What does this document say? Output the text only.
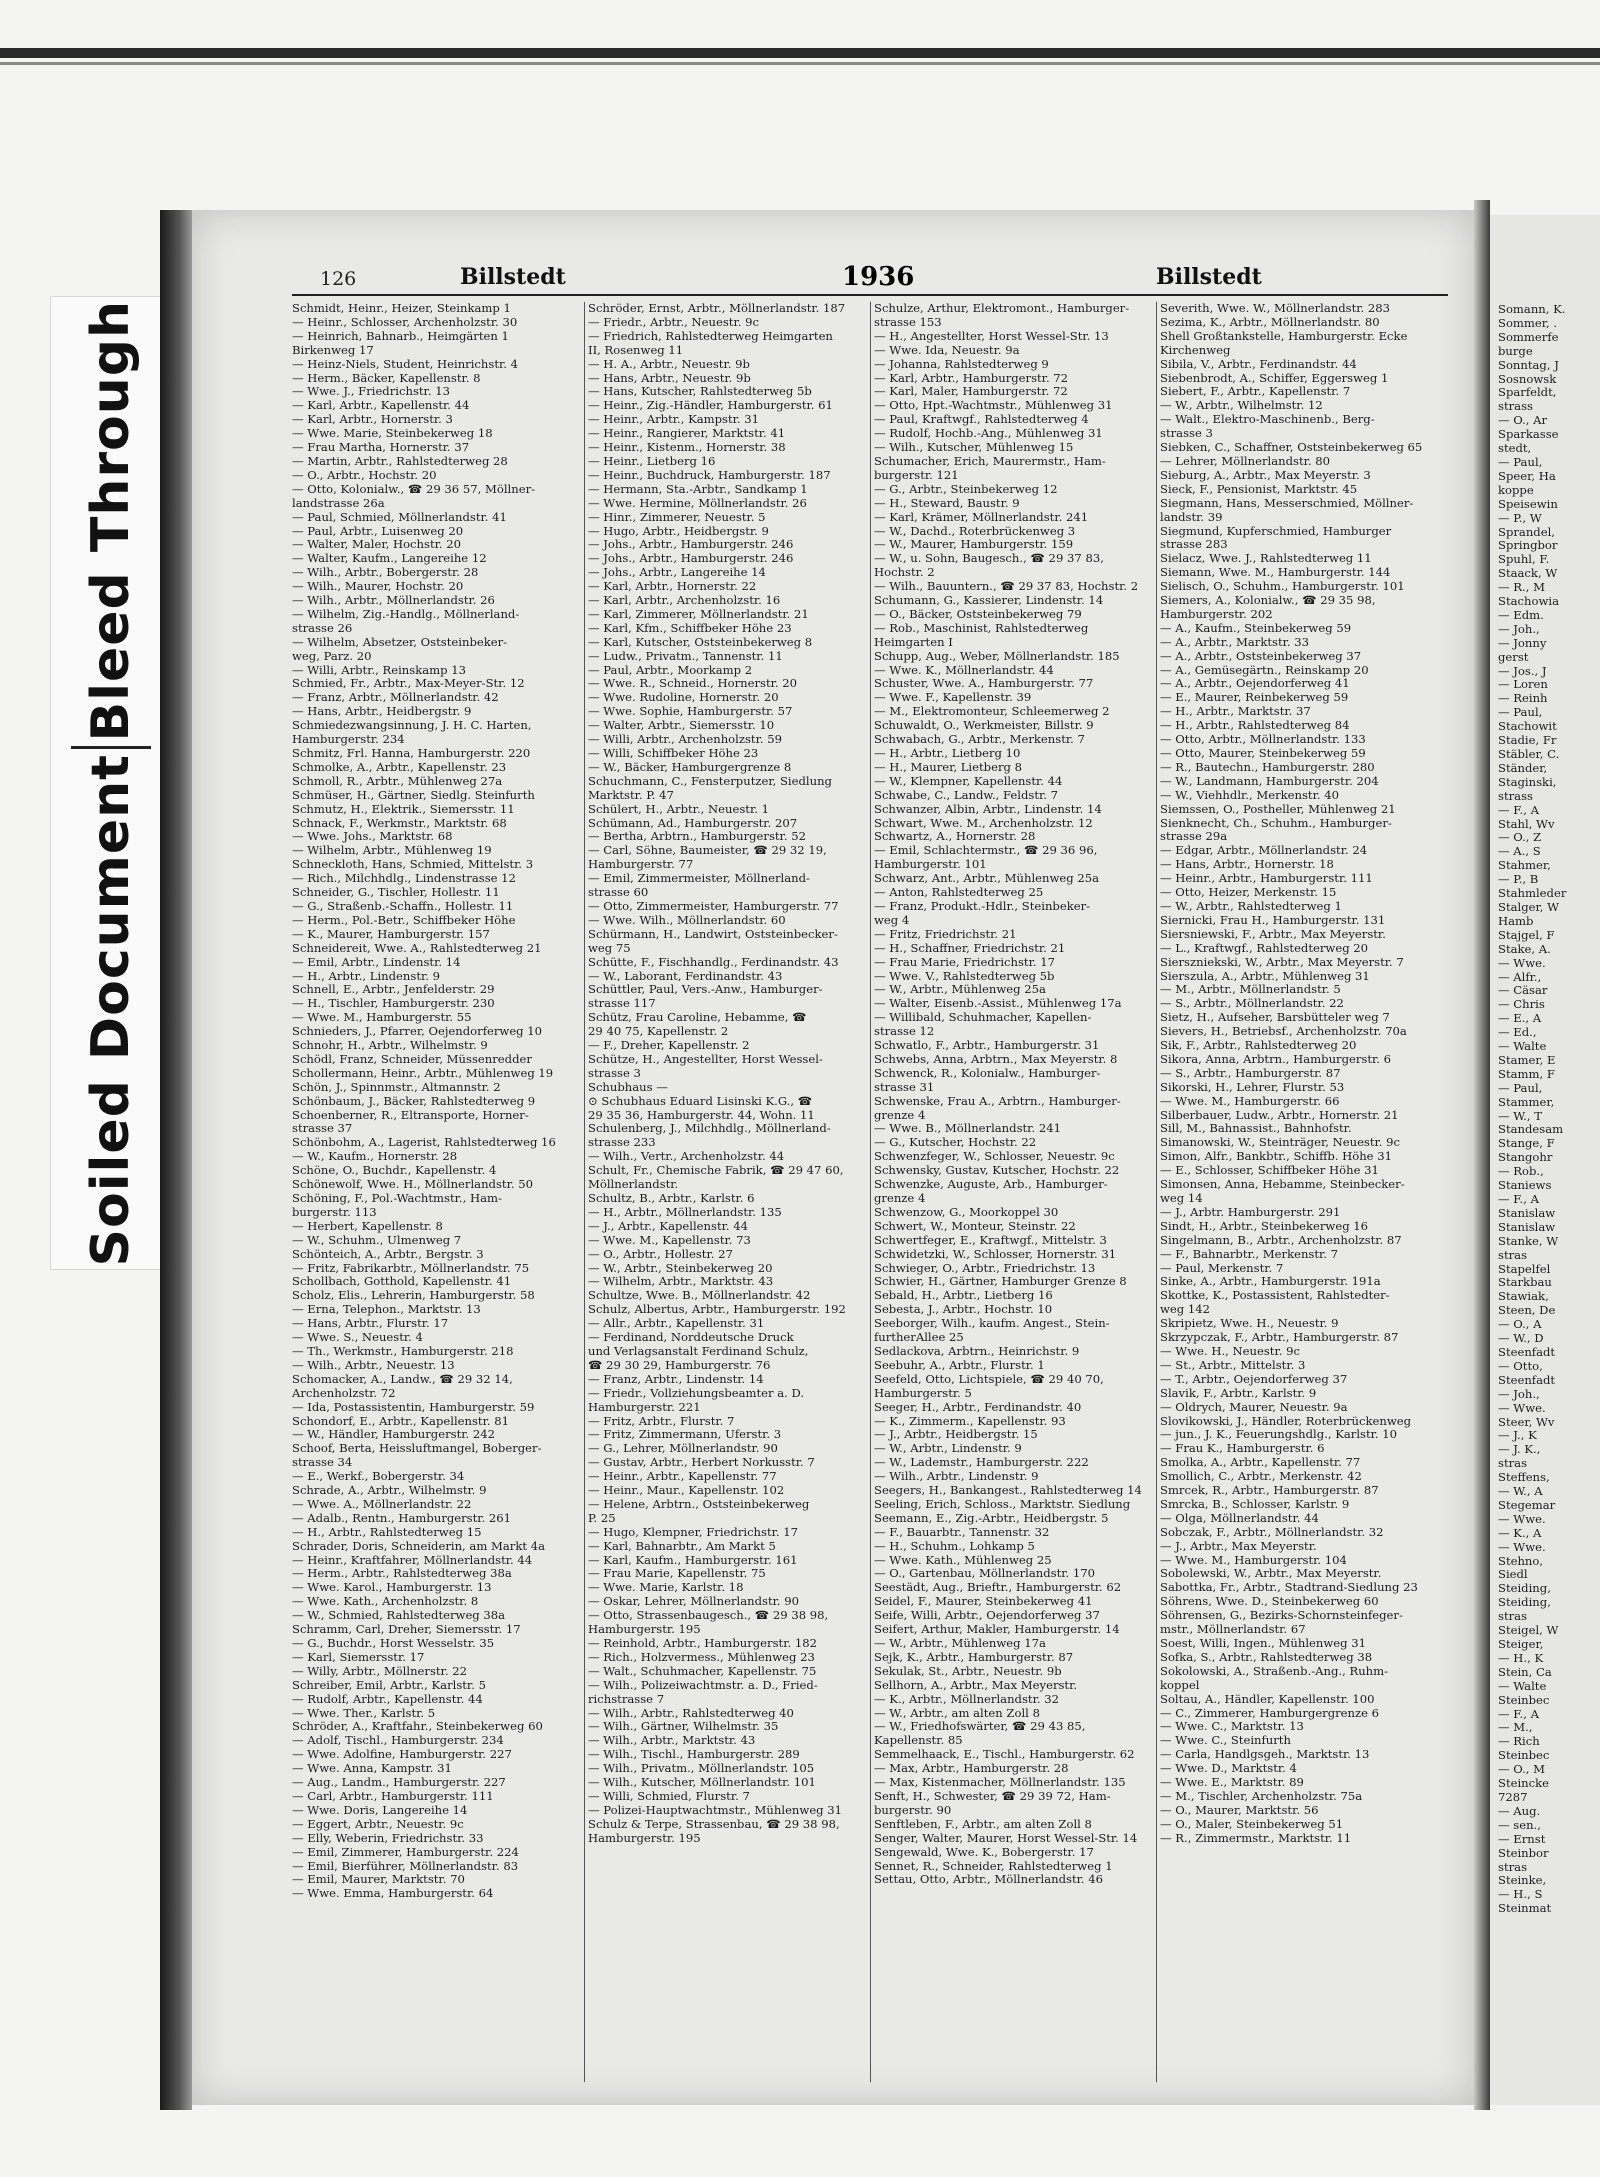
Bleed Through
Soiled Document
126	Billstedt	1936	Billstedt
Schmidt, Heinr., Heizer, Steinkamp 1
— Heinr., Schlosser, Archenholzstr. 30
— Heinrich, Bahnarb., Heimgärten 1
Birkenweg 17
— Heinz-Niels, Student, Heinrichstr. 4
— Herm., Bäcker, Kapellenstr. 8
— Wwe. J., Friedrichstr. 13
— Karl, Arbtr., Kapellenstr. 44
— Karl, Arbtr., Hornerstr. 3
— Wwe. Marie, Steinbekerweg 18
— Frau Martha, Hornerstr. 37
— Martin, Arbtr., Rahlstedterweg 28
— O., Arbtr., Hochstr. 20
— Otto, Kolonialw., ☎ 29 36 57, Möllner-
landstrasse 26a
— Paul, Schmied, Möllnerlandstr. 41
— Paul, Arbtr., Luisenweg 20
— Walter, Maler, Hochstr. 20
— Walter, Kaufm., Langereihe 12
— Wilh., Arbtr., Bobergerstr. 28
— Wilh., Maurer, Hochstr. 20
— Wilh., Arbtr., Möllnerlandstr. 26
— Wilhelm, Zig.-Handlg., Möllnerland-
strasse 26
— Wilhelm, Absetzer, Oststeinbeker-
weg, Parz. 20
— Willi, Arbtr., Reinskamp 13
Schmied, Fr., Arbtr., Max-Meyer-Str. 12
— Franz, Arbtr., Möllnerlandstr. 42
— Hans, Arbtr., Heidbergstr. 9
Schmiedezwangsinnung, J. H. C. Harten,
Hamburgerstr. 234
Schmitz, Frl. Hanna, Hamburgerstr. 220
Schmolke, A., Arbtr., Kapellenstr. 23
Schmoll, R., Arbtr., Mühlenweg 27a
Schmüser, H., Gärtner, Siedlg. Steinfurth
Schmutz, H., Elektrik., Siemersstr. 11
Schnack, F., Werkmstr., Marktstr. 68
— Wwe. Johs., Marktstr. 68
— Wilhelm, Arbtr., Mühlenweg 19
Schneckloth, Hans, Schmied, Mittelstr. 3
— Rich., Milchhdlg., Lindenstrasse 12
Schneider, G., Tischler, Hollestr. 11
— G., Straßenb.-Schaffn., Hollestr. 11
— Herm., Pol.-Betr., Schiffbeker Höhe
— K., Maurer, Hamburgerstr. 157
Schneidereit, Wwe. A., Rahlstedterweg 21
— Emil, Arbtr., Lindenstr. 14
— H., Arbtr., Lindenstr. 9
Schnell, E., Arbtr., Jenfelderstr. 29
— H., Tischler, Hamburgerstr. 230
— Wwe. M., Hamburgerstr. 55
Schnieders, J., Pfarrer, Oejendorferweg 10
Schnohr, H., Arbtr., Wilhelmstr. 9
Schödl, Franz, Schneider, Müssenredder
Schollermann, Heinr., Arbtr., Mühlenweg 19
Schön, J., Spinnmstr., Altmannstr. 2
Schönbaum, J., Bäcker, Rahlstedterweg 9
Schoenberner, R., Eltransporte, Horner-
strasse 37
Schönbohm, A., Lagerist, Rahlstedterweg 16
— W., Kaufm., Hornerstr. 28
Schöne, O., Buchdr., Kapellenstr. 4
Schönewolf, Wwe. H., Möllnerlandstr. 50
Schöning, F., Pol.-Wachtmstr., Ham-
burgerstr. 113
— Herbert, Kapellenstr. 8
— W., Schuhm., Ulmenweg 7
Schönteich, A., Arbtr., Bergstr. 3
— Fritz, Fabrikarbtr., Möllnerlandstr. 75
Schollbach, Gotthold, Kapellenstr. 41
Scholz, Elis., Lehrerin, Hamburgerstr. 58
— Erna, Telephon., Marktstr. 13
— Hans, Arbtr., Flurstr. 17
— Wwe. S., Neuestr. 4
— Th., Werkmstr., Hamburgerstr. 218
— Wilh., Arbtr., Neuestr. 13
Schomacker, A., Landw., ☎ 29 32 14,
Archenholzstr. 72
— Ida, Postassistentin, Hamburgerstr. 59
Schondorf, E., Arbtr., Kapellenstr. 81
— W., Händler, Hamburgerstr. 242
Schoof, Berta, Heissluftmangel, Boberger-
strasse 34
— E., Werkf., Bobergerstr. 34
Schrade, A., Arbtr., Wilhelmstr. 9
— Wwe. A., Möllnerlandstr. 22
— Adalb., Rentn., Hamburgerstr. 261
— H., Arbtr., Rahlstedterweg 15
Schrader, Doris, Schneiderin, am Markt 4a
— Heinr., Kraftfahrer, Möllnerlandstr. 44
— Herm., Arbtr., Rahlstedterweg 38a
— Wwe. Karol., Hamburgerstr. 13
— Wwe. Kath., Archenholzstr. 8
— W., Schmied, Rahlstedterweg 38a
Schramm, Carl, Dreher, Siemersstr. 17
— G., Buchdr., Horst Wesselstr. 35
— Karl, Siemersstr. 17
— Willy, Arbtr., Möllnerstr. 22
Schreiber, Emil, Arbtr., Karlstr. 5
— Rudolf, Arbtr., Kapellenstr. 44
— Wwe. Ther., Karlstr. 5
Schröder, A., Kraftfahr., Steinbekerweg 60
— Adolf, Tischl., Hamburgerstr. 234
— Wwe. Adolfine, Hamburgerstr. 227
— Wwe. Anna, Kampstr. 31
— Aug., Landm., Hamburgerstr. 227
— Carl, Arbtr., Hamburgerstr. 111
— Wwe. Doris, Langereihe 14
— Eggert, Arbtr., Neuestr. 9c
— Elly, Weberin, Friedrichstr. 33
— Emil, Zimmerer, Hamburgerstr. 224
— Emil, Bierführer, Möllnerlandstr. 83
— Emil, Maurer, Marktstr. 70
— Wwe. Emma, Hamburgerstr. 64
Schröder, Ernst, Arbtr., Möllnerlandstr. 187
— Friedr., Arbtr., Neuestr. 9c
— Friedrich, Rahlstedterweg Heimgarten
II, Rosenweg 11
— H. A., Arbtr., Neuestr. 9b
— Hans, Arbtr., Neuestr. 9b
— Hans, Kutscher, Rahlstedterweg 5b
— Heinr., Zig.-Händler, Hamburgerstr. 61
— Heinr., Arbtr., Kampstr. 31
— Heinr., Rangierer, Marktstr. 41
— Heinr., Kistenm., Hornerstr. 38
— Heinr., Lietberg 16
— Heinr., Buchdruck, Hamburgerstr. 187
— Hermann, Sta.-Arbtr., Sandkamp 1
— Wwe. Hermine, Möllnerlandstr. 26
— Hinr., Zimmerer, Neuestr. 5
— Hugo, Arbtr., Heidbergstr. 9
— Johs., Arbtr., Hamburgerstr. 246
— Johs., Arbtr., Hamburgerstr. 246
— Johs., Arbtr., Langereihe 14
— Karl, Arbtr., Hornerstr. 22
— Karl, Arbtr., Archenholzstr. 16
— Karl, Zimmerer, Möllnerlandstr. 21
— Karl, Kfm., Schiffbeker Höhe 23
— Karl, Kutscher, Oststeinbekerweg 8
— Ludw., Privatm., Tannenstr. 11
— Paul, Arbtr., Moorkamp 2
— Wwe. R., Schneid., Hornerstr. 20
— Wwe. Rudoline, Hornerstr. 20
— Wwe. Sophie, Hamburgerstr. 57
— Walter, Arbtr., Siemersstr. 10
— Willi, Arbtr., Archenholzstr. 59
— Willi, Schiffbeker Höhe 23
— W., Bäcker, Hamburgergrenze 8
Schuchmann, C., Fensterputzer, Siedlung
Marktstr. P. 47
Schülert, H., Arbtr., Neuestr. 1
Schümann, Ad., Hamburgerstr. 207
— Bertha, Arbtrn., Hamburgerstr. 52
— Carl, Söhne, Baumeister, ☎ 29 32 19,
Hamburgerstr. 77
— Emil, Zimmermeister, Möllnerland-
strasse 60
— Otto, Zimmermeister, Hamburgerstr. 77
— Wwe. Wilh., Möllnerlandstr. 60
Schürmann, H., Landwirt, Oststeinbecker-
weg 75
Schütte, F., Fischhandlg., Ferdinandstr. 43
— W., Laborant, Ferdinandstr. 43
Schüttler, Paul, Vers.-Anw., Hamburger-
strasse 117
Schütz, Frau Caroline, Hebamme, ☎
29 40 75, Kapellenstr. 2
— F., Dreher, Kapellenstr. 2
Schütze, H., Angestellter, Horst Wessel-
strasse 3
Schubhaus —
⊙ Schubhaus Eduard Lisinski K.G., ☎
29 35 36, Hamburgerstr. 44, Wohn. 11
Schulenberg, J., Milchhdlg., Möllnerland-
strasse 233
— Wilh., Vertr., Archenholzstr. 44
Schult, Fr., Chemische Fabrik, ☎ 29 47 60,
Möllnerlandstr.
Schultz, B., Arbtr., Karlstr. 6
— H., Arbtr., Möllnerlandstr. 135
— J., Arbtr., Kapellenstr. 44
— Wwe. M., Kapellenstr. 73
— O., Arbtr., Hollestr. 27
— W., Arbtr., Steinbekerweg 20
— Wilhelm, Arbtr., Marktstr. 43
Schultze, Wwe. B., Möllnerlandstr. 42
Schulz, Albertus, Arbtr., Hamburgerstr. 192
— Allr., Arbtr., Kapellenstr. 31
— Ferdinand, Norddeutsche Druck
und Verlagsanstalt Ferdinand Schulz,
☎ 29 30 29, Hamburgerstr. 76
— Franz, Arbtr., Lindenstr. 14
— Friedr., Vollziehungsbeamter a. D.
Hamburgerstr. 221
— Fritz, Arbtr., Flurstr. 7
— Fritz, Zimmermann, Uferstr. 3
— G., Lehrer, Möllnerlandstr. 90
— Gustav, Arbtr., Herbert Norkusstr. 7
— Heinr., Arbtr., Kapellenstr. 77
— Heinr., Maur., Kapellenstr. 102
— Helene, Arbtrn., Oststeinbekerweg
P. 25
— Hugo, Klempner, Friedrichstr. 17
— Karl, Bahnarbtr., Am Markt 5
— Karl, Kaufm., Hamburgerstr. 161
— Frau Marie, Kapellenstr. 75
— Wwe. Marie, Karlstr. 18
— Oskar, Lehrer, Möllnerlandstr. 90
— Otto, Strassenbaugesch., ☎ 29 38 98,
Hamburgerstr. 195
— Reinhold, Arbtr., Hamburgerstr. 182
— Rich., Holzvermess., Mühlenweg 23
— Walt., Schuhmacher, Kapellenstr. 75
— Wilh., Polizeiwachtmstr. a. D., Fried-
richstrasse 7
— Wilh., Arbtr., Rahlstedterweg 40
— Wilh., Gärtner, Wilhelmstr. 35
— Wilh., Arbtr., Marktstr. 43
— Wilh., Tischl., Hamburgerstr. 289
— Wilh., Privatm., Möllnerlandstr. 105
— Wilh., Kutscher, Möllnerlandstr. 101
— Willi, Schmied, Flurstr. 7
— Polizei-Hauptwachtmstr., Mühlenweg 31
Schulz & Terpe, Strassenbau, ☎ 29 38 98,
Hamburgerstr. 195
Schulze, Arthur, Elektromont., Hamburger-
strasse 153
— H., Angestellter, Horst Wessel-Str. 13
— Wwe. Ida, Neuestr. 9a
— Johanna, Rahlstedterweg 9
— Karl, Arbtr., Hamburgerstr. 72
— Karl, Maler, Hamburgerstr. 72
— Otto, Hpt.-Wachtmstr., Mühlenweg 31
— Paul, Kraftwgf., Rahlstedterweg 4
— Rudolf, Hochb.-Ang., Mühlenweg 31
— Wilh., Kutscher, Mühlenweg 15
Schumacher, Erich, Maurermstr., Ham-
burgerstr. 121
— G., Arbtr., Steinbekerweg 12
— H., Steward, Baustr. 9
— Karl, Krämer, Möllnerlandstr. 241
— W., Dachd., Roterbrückenweg 3
— W., Maurer, Hamburgerstr. 159
— W., u. Sohn, Baugesch., ☎ 29 37 83,
Hochstr. 2
— Wilh., Bauuntern., ☎ 29 37 83, Hochstr. 2
Schumann, G., Kassierer, Lindenstr. 14
— O., Bäcker, Oststeinbekerweg 79
— Rob., Maschinist, Rahlstedterweg
Heimgarten I
Schupp, Aug., Weber, Möllnerlandstr. 185
— Wwe. K., Möllnerlandstr. 44
Schuster, Wwe. A., Hamburgerstr. 77
— Wwe. F., Kapellenstr. 39
— M., Elektromonteur, Schleemerweg 2
Schuwaldt, O., Werkmeister, Billstr. 9
Schwabach, G., Arbtr., Merkenstr. 7
— H., Arbtr., Lietberg 10
— H., Maurer, Lietberg 8
— W., Klempner, Kapellenstr. 44
Schwabe, C., Landw., Feldstr. 7
Schwanzer, Albin, Arbtr., Lindenstr. 14
Schwart, Wwe. M., Archenholzstr. 12
Schwartz, A., Hornerstr. 28
— Emil, Schlachtermstr., ☎ 29 36 96,
Hamburgerstr. 101
Schwarz, Ant., Arbtr., Mühlenweg 25a
— Anton, Rahlstedterweg 25
— Franz, Produkt.-Hdlr., Steinbeker-
weg 4
— Fritz, Friedrichstr. 21
— H., Schaffner, Friedrichstr. 21
— Frau Marie, Friedrichstr. 17
— Wwe. V., Rahlstedterweg 5b
— W., Arbtr., Mühlenweg 25a
— Walter, Eisenb.-Assist., Mühlenweg 17a
— Willibald, Schuhmacher, Kapellen-
strasse 12
Schwatlo, F., Arbtr., Hamburgerstr. 31
Schwebs, Anna, Arbtrn., Max Meyerstr. 8
Schwenck, R., Kolonialw., Hamburger-
strasse 31
Schwenske, Frau A., Arbtrn., Hamburger-
grenze 4
— Wwe. B., Möllnerlandstr. 241
— G., Kutscher, Hochstr. 22
Schwenzfeger, W., Schlosser, Neuestr. 9c
Schwensky, Gustav, Kutscher, Hochstr. 22
Schwenzke, Auguste, Arb., Hamburger-
grenze 4
Schwenzow, G., Moorkoppel 30
Schwert, W., Monteur, Steinstr. 22
Schwertfeger, E., Kraftwgf., Mittelstr. 3
Schwidetzki, W., Schlosser, Hornerstr. 31
Schwieger, O., Arbtr., Friedrichstr. 13
Schwier, H., Gärtner, Hamburger Grenze 8
Sebald, H., Arbtr., Lietberg 16
Sebesta, J., Arbtr., Hochstr. 10
Seeborger, Wilh., kaufm. Angest., Stein-
furtherAllee 25
Sedlackova, Arbtrn., Heinrichstr. 9
Seebuhr, A., Arbtr., Flurstr. 1
Seefeld, Otto, Lichtspiele, ☎ 29 40 70,
Hamburgerstr. 5
Seeger, H., Arbtr., Ferdinandstr. 40
— K., Zimmerm., Kapellenstr. 93
— J., Arbtr., Heidbergstr. 15
— W., Arbtr., Lindenstr. 9
— W., Lademstr., Hamburgerstr. 222
— Wilh., Arbtr., Lindenstr. 9
Seegers, H., Bankangest., Rahlstedterweg 14
Seeling, Erich, Schloss., Marktstr. Siedlung
Seemann, E., Zig.-Arbtr., Heidbergstr. 5
— F., Bauarbtr., Tannenstr. 32
— H., Schuhm., Lohkamp 5
— Wwe. Kath., Mühlenweg 25
— O., Gartenbau, Möllnerlandstr. 170
Seestädt, Aug., Brieftr., Hamburgerstr. 62
Seidel, F., Maurer, Steinbekerweg 41
Seife, Willi, Arbtr., Oejendorferweg 37
Seifert, Arthur, Makler, Hamburgerstr. 14
— W., Arbtr., Mühlenweg 17a
Sejk, K., Arbtr., Hamburgerstr. 87
Sekulak, St., Arbtr., Neuestr. 9b
Sellhorn, A., Arbtr., Max Meyerstr.
— K., Arbtr., Möllnerlandstr. 32
— W., Arbtr., am alten Zoll 8
— W., Friedhofswärter, ☎ 29 43 85,
Kapellenstr. 85
Semmelhaack, E., Tischl., Hamburgerstr. 62
— Max, Arbtr., Hamburgerstr. 28
— Max, Kistenmacher, Möllnerlandstr. 135
Senft, H., Schwester, ☎ 29 39 72, Ham-
burgerstr. 90
Senftleben, F., Arbtr., am alten Zoll 8
Senger, Walter, Maurer, Horst Wessel-Str. 14
Sengewald, Wwe. K., Bobergerstr. 17
Sennet, R., Schneider, Rahlstedterweg 1
Settau, Otto, Arbtr., Möllnerlandstr. 46
Severith, Wwe. W., Möllnerlandstr. 283
Sezima, K., Arbtr., Möllnerlandstr. 80
Shell Großtankstelle, Hamburgerstr. Ecke
Kirchenweg
Sibila, V., Arbtr., Ferdinandstr. 44
Siebenbrodt, A., Schiffer, Eggersweg 1
Siebert, F., Arbtr., Kapellenstr. 7
— W., Arbtr., Wilhelmstr. 12
— Walt., Elektro-Maschinenb., Berg-
strasse 3
Siebken, C., Schaffner, Oststeinbekerweg 65
— Lehrer, Möllnerlandstr. 80
Sieburg, A., Arbtr., Max Meyerstr. 3
Sieck, F., Pensionist, Marktstr. 45
Siegmann, Hans, Messerschmied, Möllner-
landstr. 39
Siegmund, Kupferschmied, Hamburger
strasse 283
Sielacz, Wwe. J., Rahlstedterweg 11
Siemann, Wwe. M., Hamburgerstr. 144
Sielisch, O., Schuhm., Hamburgerstr. 101
Siemers, A., Kolonialw., ☎ 29 35 98,
Hamburgerstr. 202
— A., Kaufm., Steinbekerweg 59
— A., Arbtr., Marktstr. 33
— A., Arbtr., Oststeinbekerweg 37
— A., Gemüsegärtn., Reinskamp 20
— A., Arbtr., Oejendorferweg 41
— E., Maurer, Reinbekerweg 59
— H., Arbtr., Marktstr. 37
— H., Arbtr., Rahlstedterweg 84
— Otto, Arbtr., Möllnerlandstr. 133
— Otto, Maurer, Steinbekerweg 59
— R., Bautechn., Hamburgerstr. 280
— W., Landmann, Hamburgerstr. 204
— W., Viehhdlr., Merkenstr. 40
Siemssen, O., Postheller, Mühlenweg 21
Sienknecht, Ch., Schuhm., Hamburger-
strasse 29a
— Edgar, Arbtr., Möllnerlandstr. 24
— Hans, Arbtr., Hornerstr. 18
— Heinr., Arbtr., Hamburgerstr. 111
— Otto, Heizer, Merkenstr. 15
— W., Arbtr., Rahlstedterweg 1
Siernicki, Frau H., Hamburgerstr. 131
Siersniewski, F., Arbtr., Max Meyerstr.
— L., Kraftwgf., Rahlstedterweg 20
Sierszniekski, W., Arbtr., Max Meyerstr. 7
Sierszula, A., Arbtr., Mühlenweg 31
— M., Arbtr., Möllnerlandstr. 5
— S., Arbtr., Möllnerlandstr. 22
Sietz, H., Aufseher, Barsbütteler weg 7
Sievers, H., Betriebsf., Archenholzstr. 70a
Sik, F., Arbtr., Rahlstedterweg 20
Sikora, Anna, Arbtrn., Hamburgerstr. 6
— S., Arbtr., Hamburgerstr. 87
Sikorski, H., Lehrer, Flurstr. 53
— Wwe. M., Hamburgerstr. 66
Silberbauer, Ludw., Arbtr., Hornerstr. 21
Sill, M., Bahnassist., Bahnhofstr.
Simanowski, W., Steinträger, Neuestr. 9c
Simon, Alfr., Bankbtr., Schiffb. Höhe 31
— E., Schlosser, Schiffbeker Höhe 31
Simonsen, Anna, Hebamme, Steinbecker-
weg 14
— J., Arbtr. Hamburgerstr. 291
Sindt, H., Arbtr., Steinbekerweg 16
Singelmann, B., Arbtr., Archenholzstr. 87
— F., Bahnarbtr., Merkenstr. 7
— Paul, Merkenstr. 7
Sinke, A., Arbtr., Hamburgerstr. 191a
Skottke, K., Postassistent, Rahlstedter-
weg 142
Skripietz, Wwe. H., Neuestr. 9
Skrzypczak, F., Arbtr., Hamburgerstr. 87
— Wwe. H., Neuestr. 9c
— St., Arbtr., Mittelstr. 3
— T., Arbtr., Oejendorferweg 37
Slavik, F., Arbtr., Karlstr. 9
— Oldrych, Maurer, Neuestr. 9a
Slovikowski, J., Händler, Roterbrückenweg
— jun., J. K., Feuerungshdlg., Karlstr. 10
— Frau K., Hamburgerstr. 6
Smolka, A., Arbtr., Kapellenstr. 77
Smollich, C., Arbtr., Merkenstr. 42
Smrcek, R., Arbtr., Hamburgerstr. 87
Smrcka, B., Schlosser, Karlstr. 9
— Olga, Möllnerlandstr. 44
Sobczak, F., Arbtr., Möllnerlandstr. 32
— J., Arbtr., Max Meyerstr.
— Wwe. M., Hamburgerstr. 104
Sobolewski, W., Arbtr., Max Meyerstr.
Sabottka, Fr., Arbtr., Stadtrand-Siedlung 23
Söhrens, Wwe. D., Steinbekerweg 60
Söhrensen, G., Bezirks-Schornsteinfeger-
mstr., Möllnerlandstr. 67
Soest, Willi, Ingen., Mühlenweg 31
Sofka, S., Arbtr., Rahlstedterweg 38
Sokolowski, A., Straßenb.-Ang., Ruhm-
koppel
Soltau, A., Händler, Kapellenstr. 100
— C., Zimmerer, Hamburgergrenze 6
— Wwe. C., Marktstr. 13
— Wwe. C., Steinfurth
— Carla, Handlgsgeh., Marktstr. 13
— Wwe. D., Marktstr. 4
— Wwe. E., Marktstr. 89
— M., Tischler, Archenholzstr. 75a
— O., Maurer, Marktstr. 56
— O., Maler, Steinbekerweg 51
— R., Zimmermstr., Marktstr. 11
Somann, K.
Sommer, .
Sommerfe
burge
Sonntag, J
Sosnowsk
Sparfeldt,
strass
— O., Ar
Sparkasse
stedt,
— Paul,
Speer, Ha
koppe
Speisewin
— P., W
Sprandel,
Springbor
Spuhl, F.
Staack, W
— R., M
Stachowia
— Edm.
— Joh.,
— Jonny
gerst
— Jos., J
— Loren
— Reinh
— Paul,
Stachowit
Stadie, Fr
Stäbler, C.
Ständer,
Staginski,
strass
— F., A
Stahl, Wv
— O., Z
— A., S
Stahmer,
— P., B
Stahmleder
Stalger, W
Hamb
Stajgel, F
Stake, A.
— Wwe.
— Alfr.,
— Cäsar
— Chris
— E., A
— Ed.,
— Walte
Stamer, E
Stamm, F
— Paul,
Stammer,
— W., T
Standesam
Stange, F
Stangohr
— Rob.,
Staniews
— F., A
Stanislaw
Stanislaw
Stanke, W
stras
Stapelfel
Starkbau
Stawiak,
Steen, De
— O., A
— W., D
Steenfadt
— Otto,
Steenfadt
— Joh.,
— Wwe.
Steer, Wv
— J., K
— J. K.,
stras
Steffens,
— W., A
Stegemar
— Wwe.
— K., A
— Wwe.
Stehno,
Siedl
Steiding,
Steiding,
stras
Steigel, W
Steiger,
— H., K
Stein, Ca
— Walte
Steinbec
— F., A
— M.,
— Rich
Steinbec
— O., M
Steincke
7287
— Aug.
— sen.,
— Ernst
Steinbor
stras
Steinke,
— H., S
Steinmat
